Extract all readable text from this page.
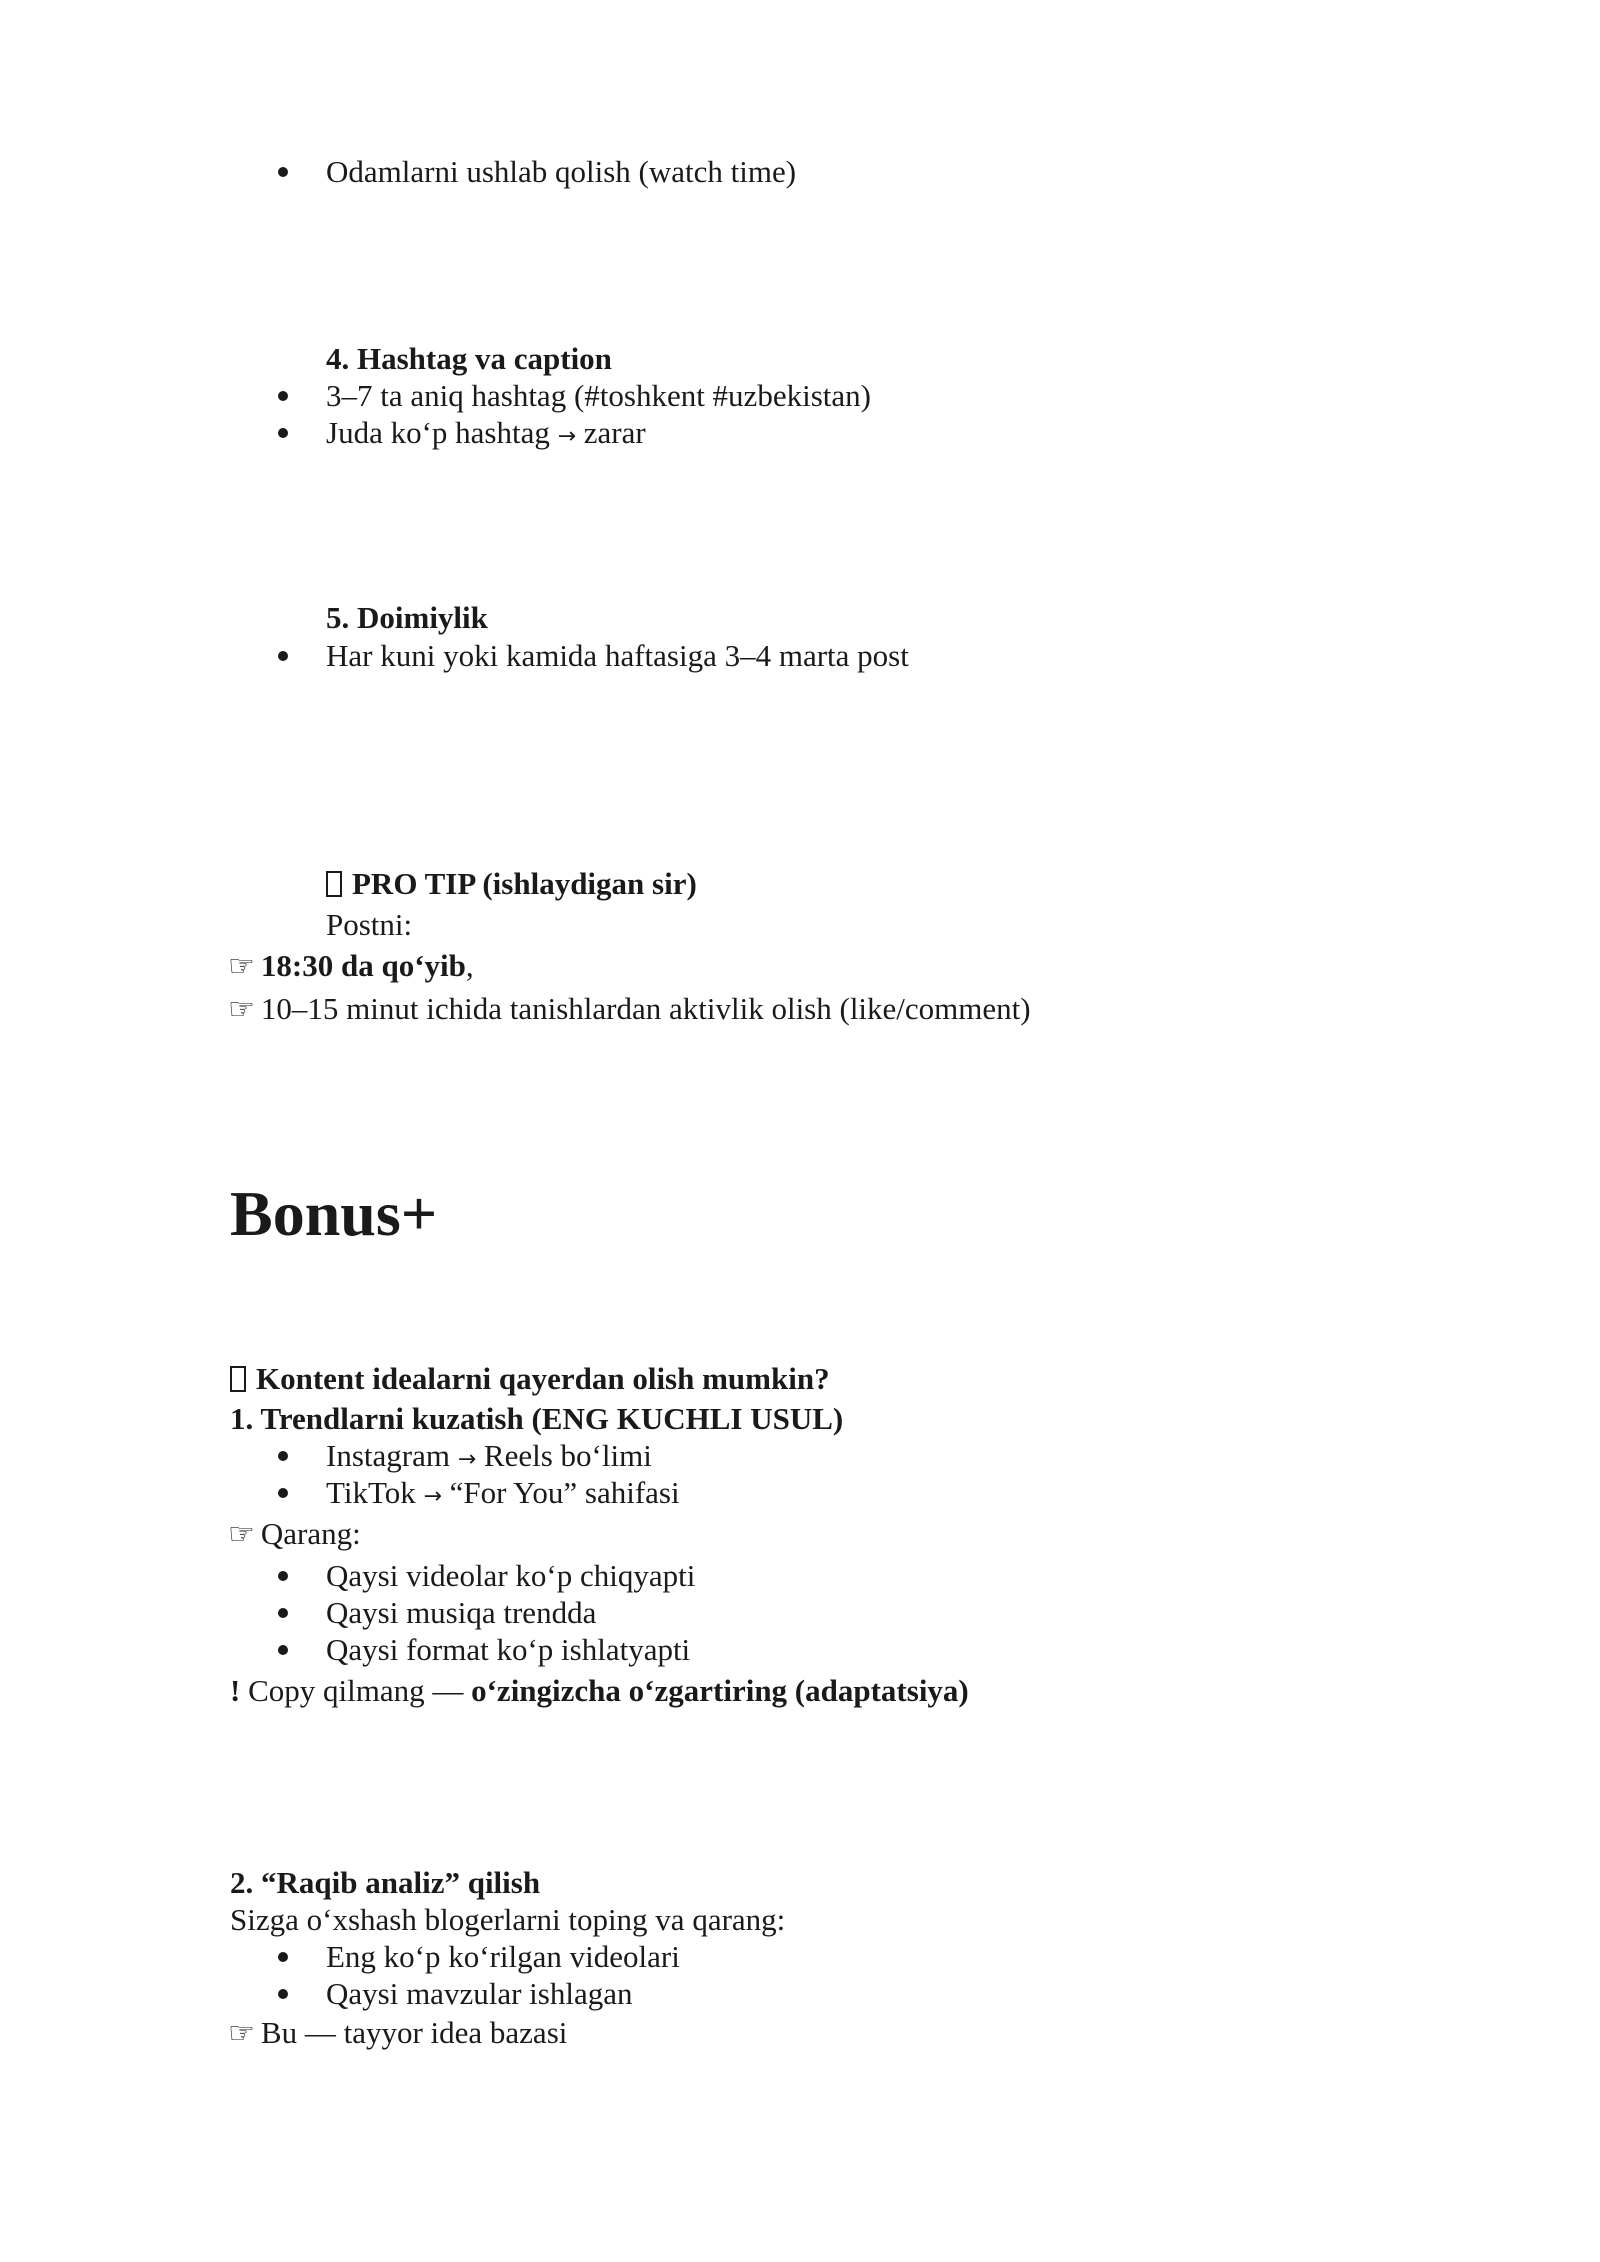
Odamlarni ushlab qolish (watch time)
4. Hashtag va caption
3–7 ta aniq hashtag (#toshkent #uzbekistan)
Juda koʻp hashtag → zarar
5. Doimiylik
Har kuni yoki kamida haftasiga 3–4 marta post
PRO TIP (ishlaydigan sir)
Postni:
☞ 18:30 da qoʻyib,
☞ 10–15 minut ichida tanishlardan aktivlik olish (like/comment)
Bonus+
Kontent idealarni qayerdan olish mumkin?
1. Trendlarni kuzatish (ENG KUCHLI USUL)
Instagram → Reels boʻlimi
TikTok → “For You” sahifasi
☞ Qarang:
Qaysi videolar koʻp chiqyapti
Qaysi musiqa trendda
Qaysi format koʻp ishlatyapti
! Copy qilmang — oʻzingizcha oʻzgartiring (adaptatsiya)
2. “Raqib analiz” qilish
Sizga oʻxshash blogerlarni toping va qarang:
Eng koʻp koʻrilgan videolari
Qaysi mavzular ishlagan
☞ Bu — tayyor idea bazasi
